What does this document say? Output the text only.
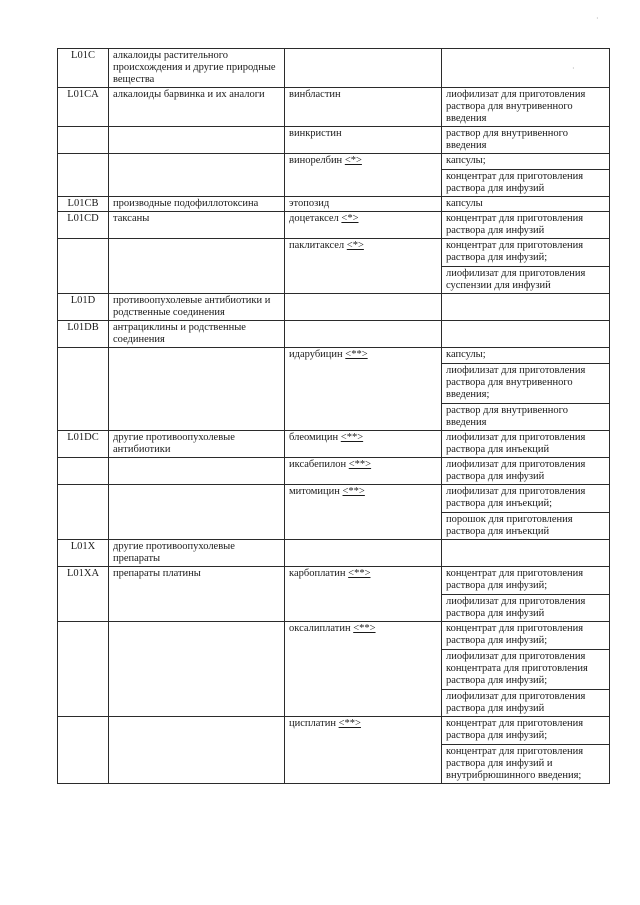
·
·
L01C	алкалоиды растительного происхождения и другие природные вещества		
L01CA	алкалоиды барвинка и их аналоги	винбластин	лиофилизат для приготовления раствора для внутривенного введения

		винкристин	раствор для внутривенного введения

		винорелбин <*>	капсулы;
концентрат для приготовления раствора для инфузий

L01CB	производные подофиллотоксина	этопозид	капсулы

L01CD	таксаны	доцетаксел <*>	концентрат для приготовления раствора для инфузий

		паклитаксел <*>	концентрат для приготовления раствора для инфузий;
лиофилизат для приготовления суспензии для инфузий

L01D	противоопухолевые антибиотики и родственные соединения		
L01DB	антрациклины и родственные соединения		
		идарубицин <**>	капсулы;
лиофилизат для приготовления раствора для внутривенного введения;
раствор для внутривенного введения

L01DC	другие противоопухолевые антибиотики	блеомицин <**>	лиофилизат для приготовления раствора для инъекций

		иксабепилон <**>	лиофилизат для приготовления раствора для инфузий

		митомицин <**>	лиофилизат для приготовления раствора для инъекций;
порошок для приготовления раствора для инъекций

L01X	другие противоопухолевые препараты		
L01XA	препараты платины	карбоплатин <**>	концентрат для приготовления раствора для инфузий;
лиофилизат для приготовления раствора для инфузий

		оксалиплатин <**>	концентрат для приготовления раствора для инфузий;
лиофилизат для приготовления концентрата для приготовления раствора для инфузий;
лиофилизат для приготовления раствора для инфузий

		цисплатин <**>	концентрат для приготовления раствора для инфузий;
концентрат для приготовления раствора для инфузий и внутрибрюшинного введения;
